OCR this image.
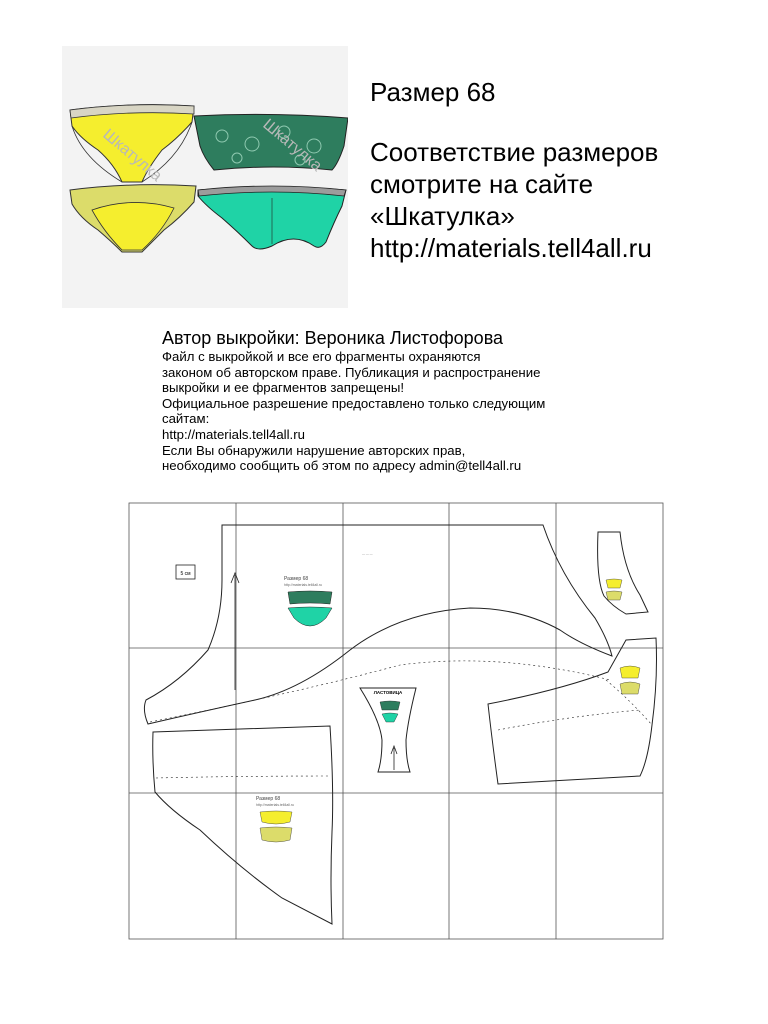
Шкатулка	Шкатулка
Размер 68
Соответствие размеров
смотрите на сайте
«Шкатулка»
http://materials.tell4all.ru
Автор выкройки: Вероника Листофорова
Файл с выкройкой и все его фрагменты охраняются
законом об авторском праве. Публикация и распространение
выкройки и ее фрагментов запрещены!
Официальное разрешение предоставлено только следующим
сайтам:
http://materials.tell4all.ru
Если Вы обнаружили нарушение авторских прав,
необходимо сообщить об этом по адресу admin@tell4all.ru
5 см
— — —
Размер 68
http://materials.tell4all.ru
ЛАСТОВИЦА
Размер 68
http://materials.tell4all.ru
